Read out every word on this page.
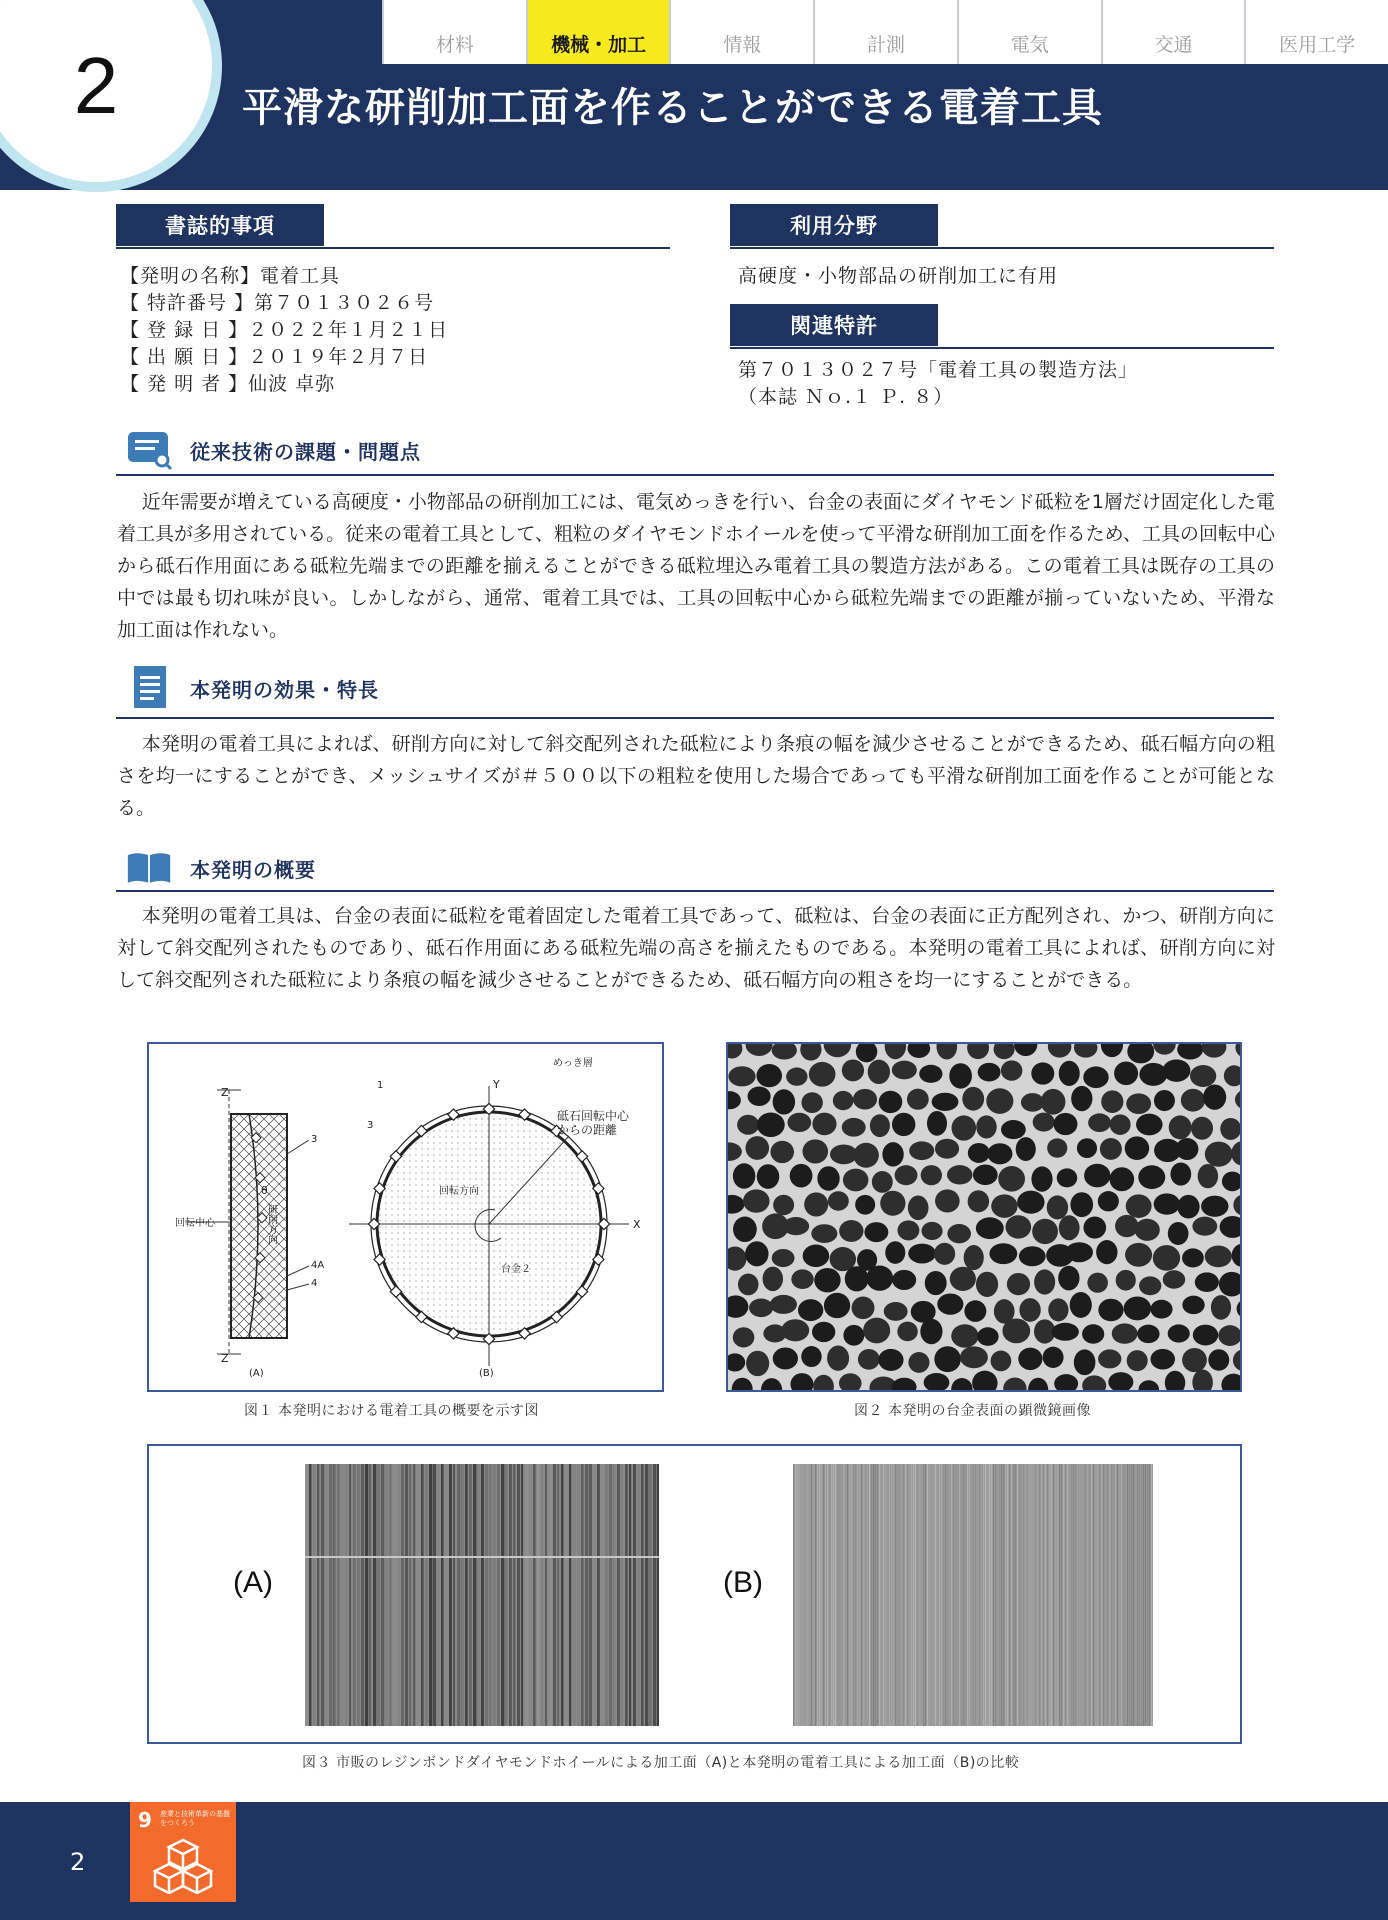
材料	機械・加工	情報	計測	電気	交通	医用工学
2	平滑な研削加工面を作ることができる電着工具
書誌的事項
【発明の名称】電着工具
【 特許番号 】第７０１３０２６号
【 登 録 日 】２０２２年１月２１日
【 出 願 日 】２０１９年２月７日
【 発 明 者 】仙波 卓弥
利用分野
高硬度・小物部品の研削加工に有用
関連特許
第７０１３０２７号「電着工具の製造方法」
（本誌 Ｎｏ.１ Ｐ. ８）
従来技術の課題・問題点
近年需要が増えている高硬度・小物部品の研削加工には、電気めっきを行い、台金の表面にダイヤモンド砥粒を1層だけ固定化した電着工具が多用されている。従来の電着工具として、粗粒のダイヤモンドホイールを使って平滑な研削加工面を作るため、工具の回転中心から砥石作用面にある砥粒先端までの距離を揃えることができる砥粒埋込み電着工具の製造方法がある。この電着工具は既存の工具の中では最も切れ味が良い。しかしながら、通常、電着工具では、工具の回転中心から砥粒先端までの距離が揃っていないため、平滑な加工面は作れない。
本発明の効果・特長
本発明の電着工具によれば、研削方向に対して斜交配列された砥粒により条痕の幅を減少させることができるため、砥石幅方向の粗さを均一にすることができ、メッシュサイズが＃５００以下の粗粒を使用した場合であっても平滑な研削加工面を作ることが可能となる。
本発明の概要
本発明の電着工具は、台金の表面に砥粒を電着固定した電着工具であって、砥粒は、台金の表面に正方配列され、かつ、研削方向に対して斜交配列されたものであり、砥石作用面にある砥粒先端の高さを揃えたものである。本発明の電着工具によれば、研削方向に対して斜交配列された砥粒により条痕の幅を減少させることができるため、砥石幅方向の粗さを均一にすることができる。
Z
Z
回転中心
3
θ
研削方向
4A
4
(A)
1
3
Y
X
めっき層
砥石回転中心
からの距離
回転方向
台金２
(B)
図１ 本発明における電着工具の概要を示す図	図２ 本発明の台金表面の顕微鏡画像
(A)	(B)
図３ 市販のレジンボンドダイヤモンドホイールによる加工面（A)と本発明の電着工具による加工面（B)の比較
2
9 産業と技術革新の基盤をつくろう
